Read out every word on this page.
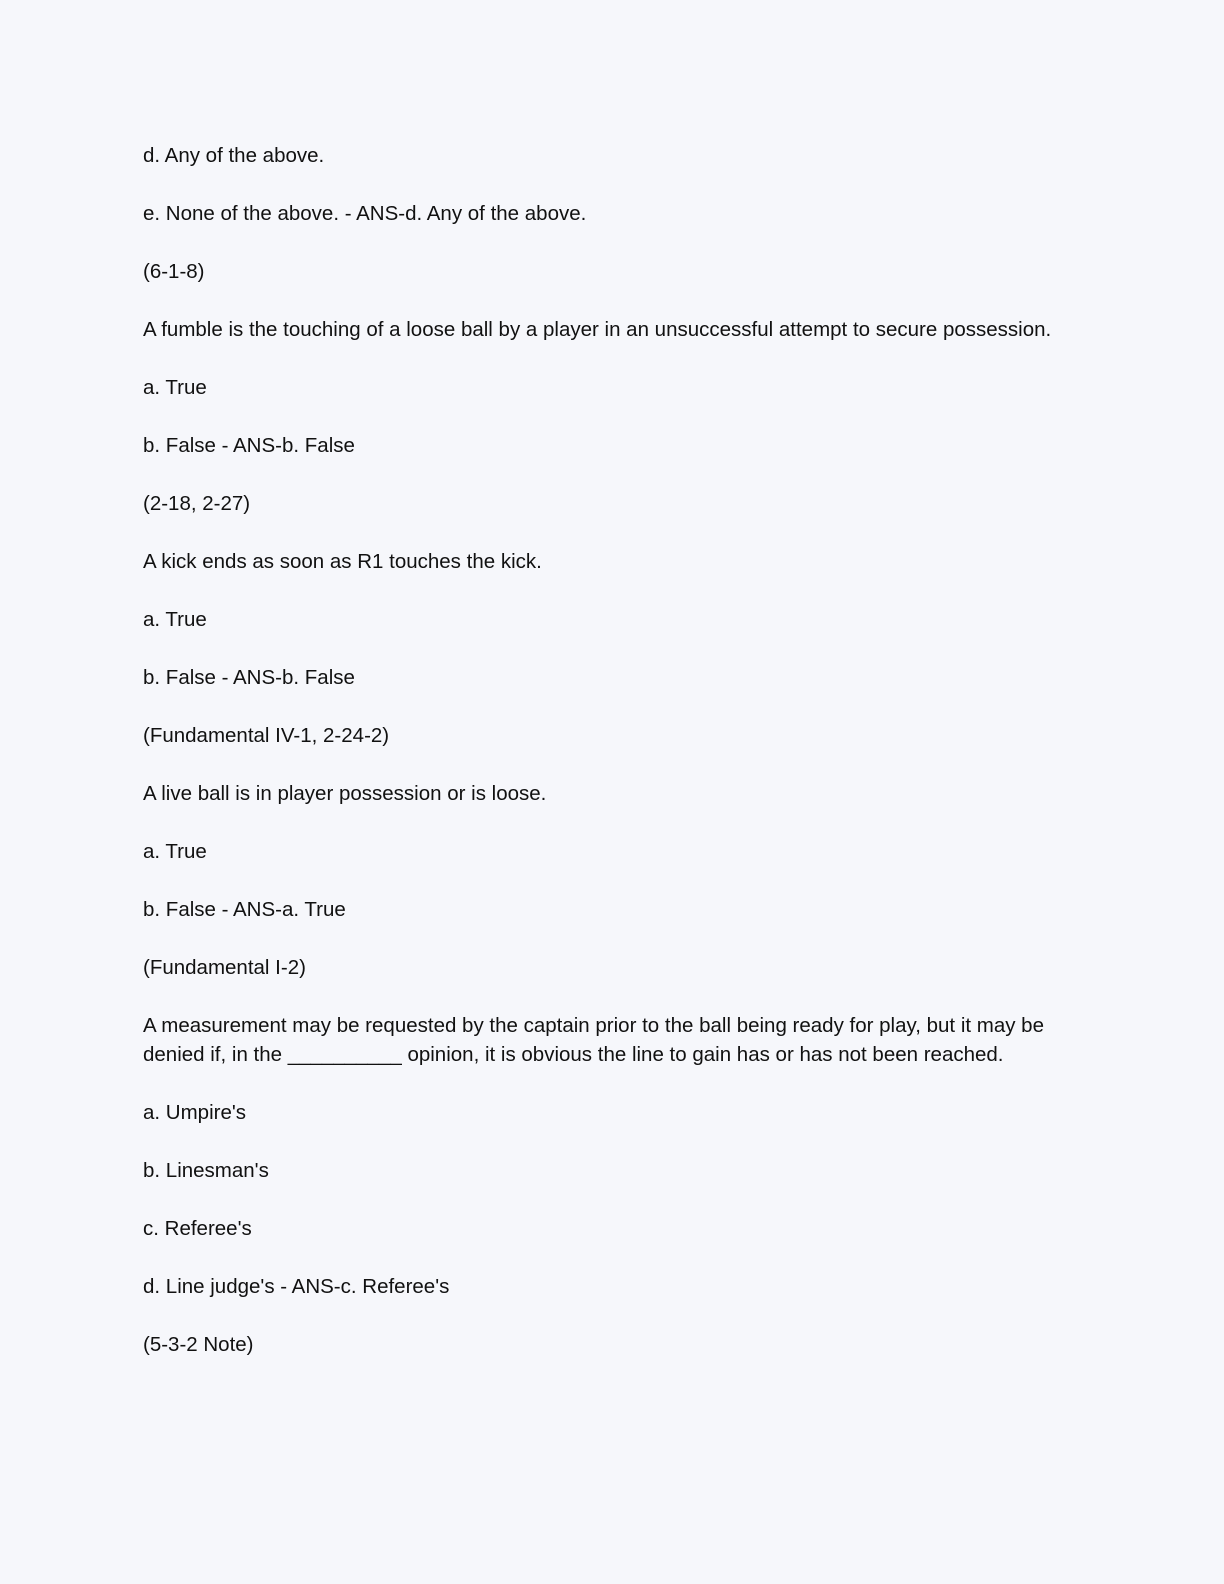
d. Any of the above.

e. None of the above. - ANS-d. Any of the above.

(6-1-8)

A fumble is the touching of a loose ball by a player in an unsuccessful attempt to secure possession.

a. True

b. False - ANS-b. False

(2-18, 2-27)

A kick ends as soon as R1 touches the kick.

a. True

b. False - ANS-b. False

(Fundamental IV-1, 2-24-2)

A live ball is in player possession or is loose.

a. True

b. False - ANS-a. True

(Fundamental I-2)

A measurement may be requested by the captain prior to the ball being ready for play, but it may be denied if, in the __________ opinion, it is obvious the line to gain has or has not been reached.

a. Umpire's

b. Linesman's

c. Referee's

d. Line judge's - ANS-c. Referee's

(5-3-2 Note)
